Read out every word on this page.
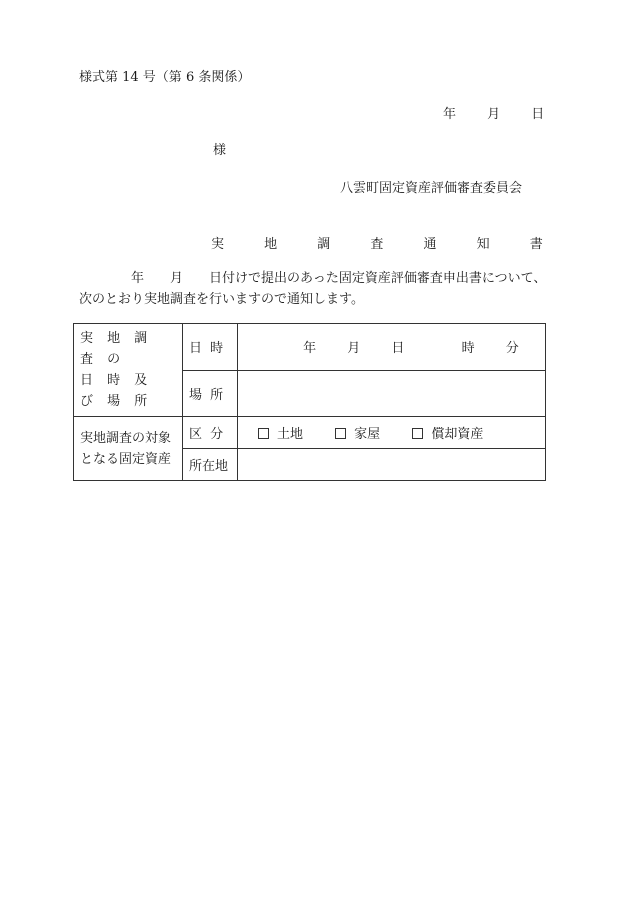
様式第 14 号（第 6 条関係）
年 月 日
様
八雲町固定資産評価審査委員会
実 地 調 査 通 知 書
年 月 日付けで提出のあった固定資産評価審査申出書について、次のとおり実地調査を行いますので通知します。
実 地 調 査 の
日 時 及 び 場 所	日 時	年 月 日 時 分
	場 所	

実地調査の対象
となる固定資産	区 分	土地 家屋 償却資産
	所在地	
